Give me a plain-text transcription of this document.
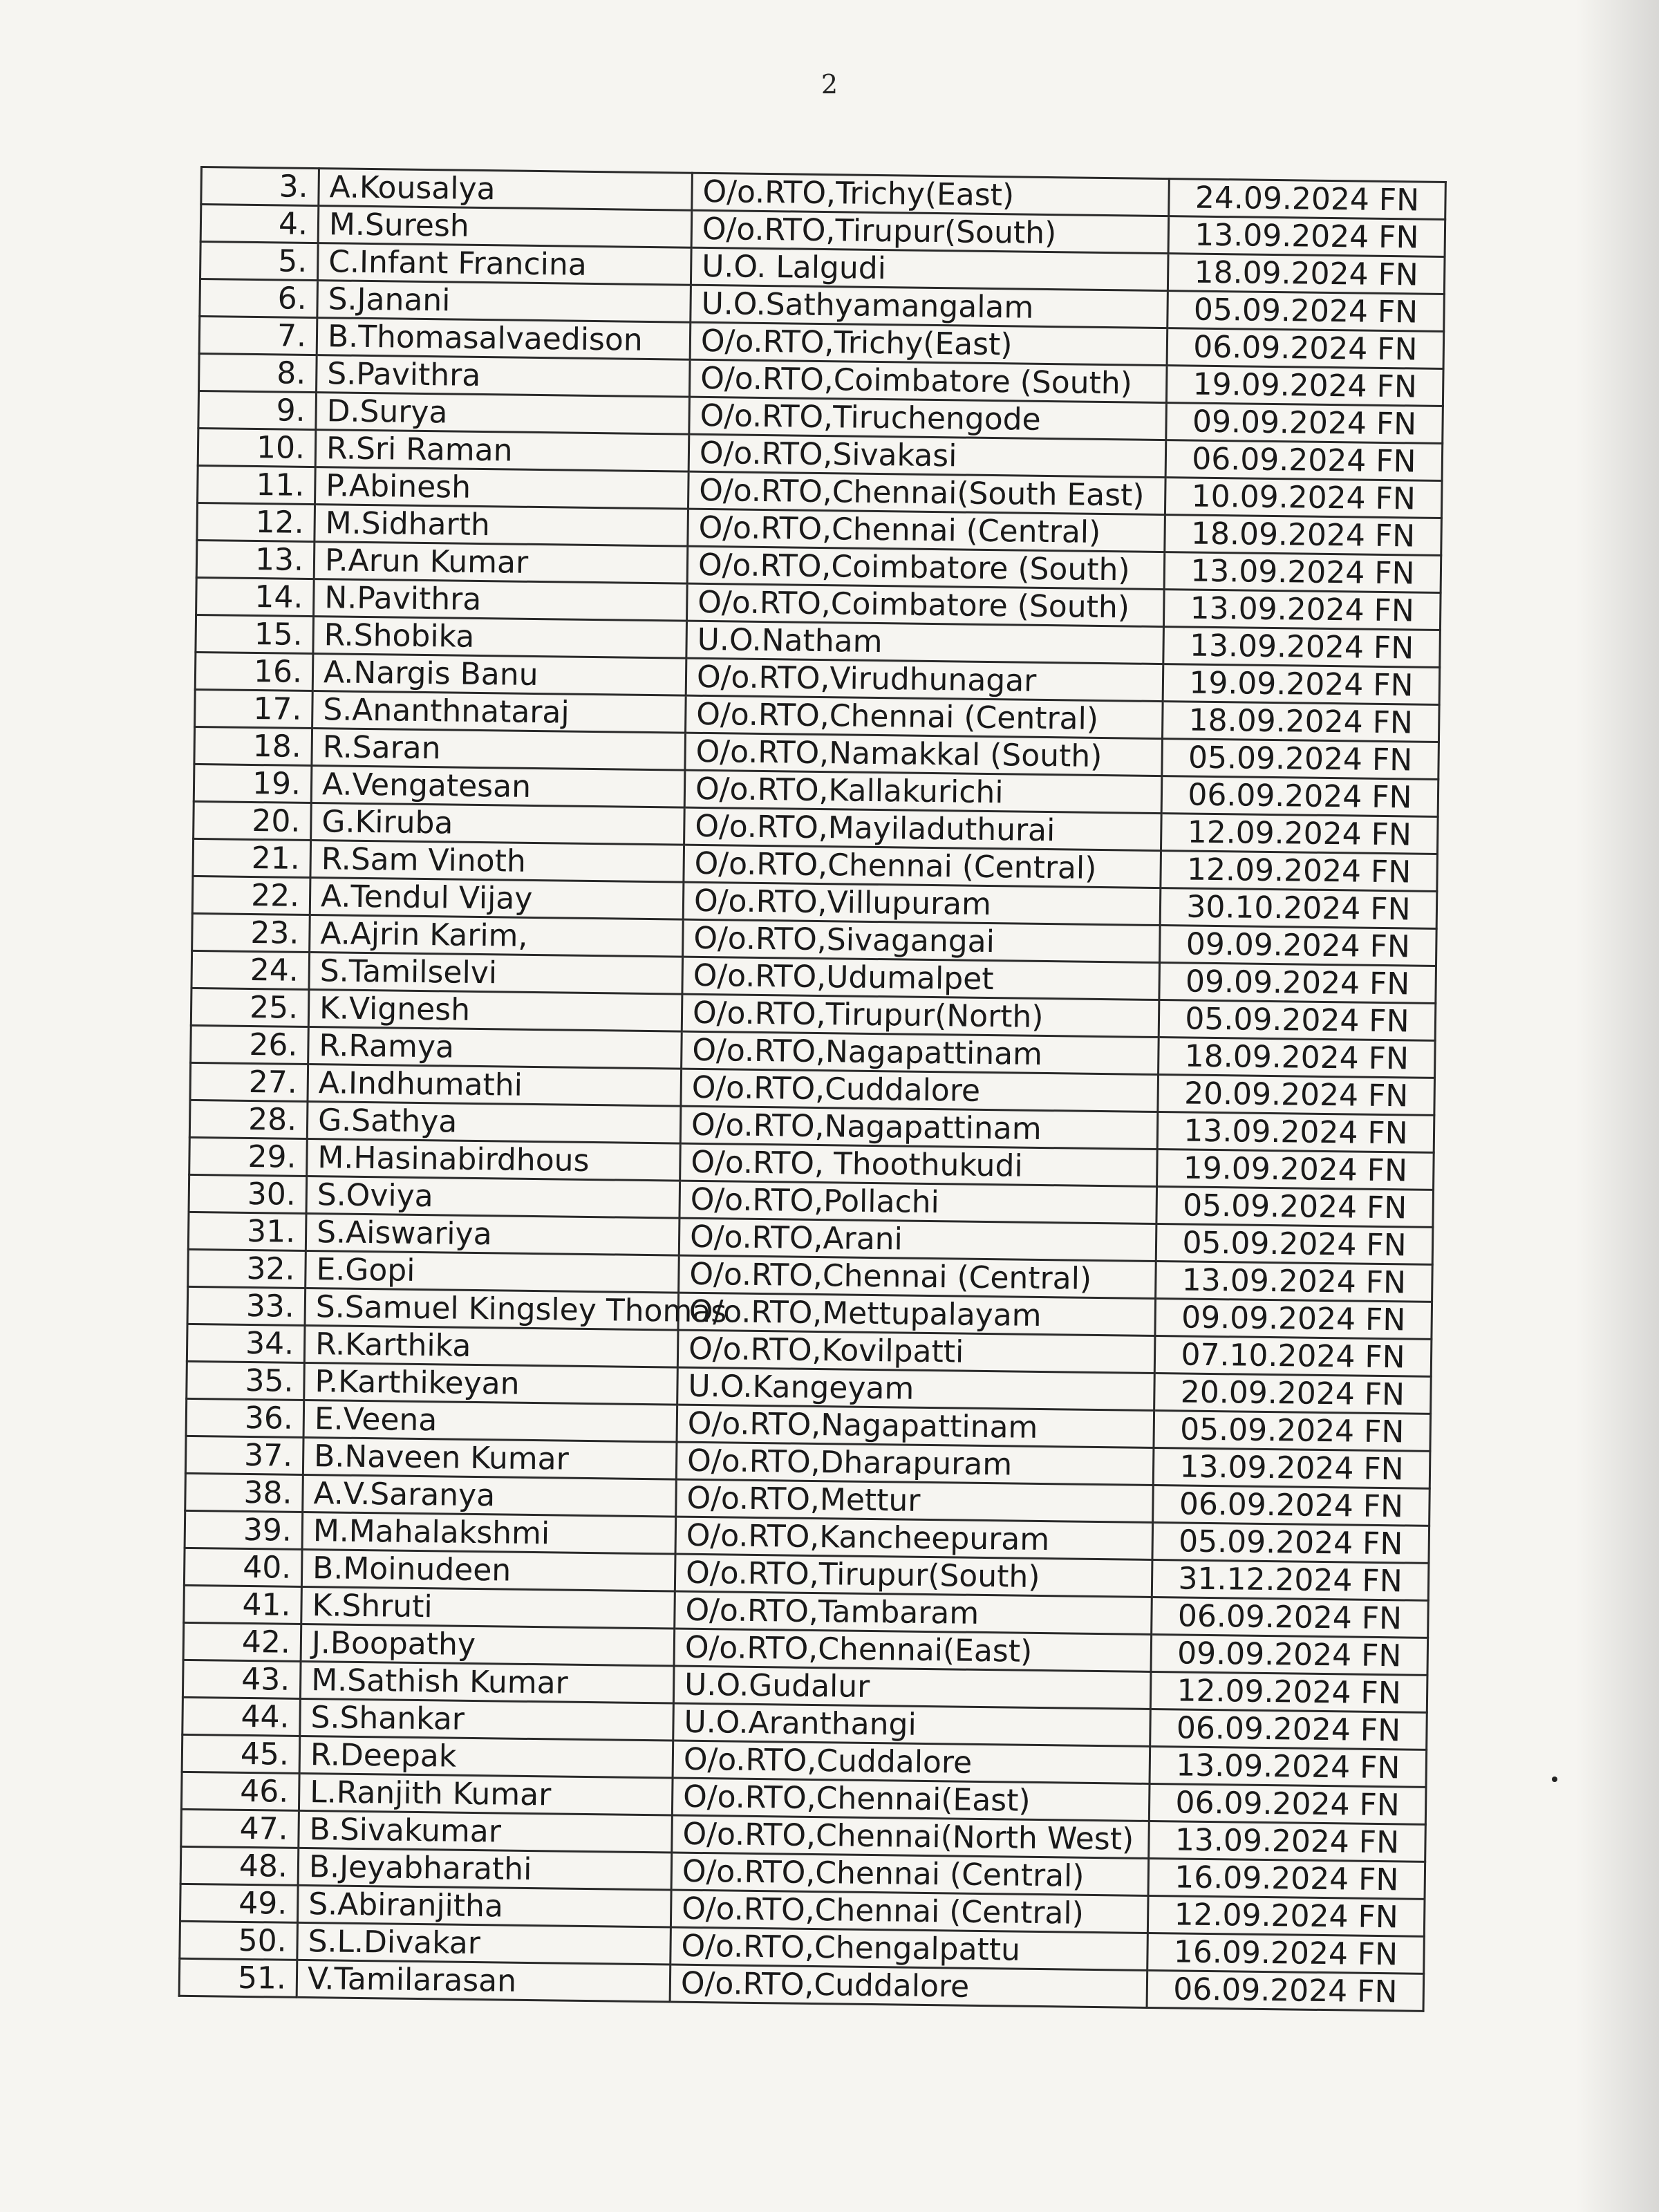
2
3.	A.Kousalya	O/o.RTO,Trichy(East)	24.09.2024 FN
4.	M.Suresh	O/o.RTO,Tirupur(South)	13.09.2024 FN
5.	C.Infant Francina	U.O. Lalgudi	18.09.2024 FN
6.	S.Janani	U.O.Sathyamangalam	05.09.2024 FN
7.	B.Thomasalvaedison	O/o.RTO,Trichy(East)	06.09.2024 FN
8.	S.Pavithra	O/o.RTO,Coimbatore (South)	19.09.2024 FN
9.	D.Surya	O/o.RTO,Tiruchengode	09.09.2024 FN
10.	R.Sri Raman	O/o.RTO,Sivakasi	06.09.2024 FN
11.	P.Abinesh	O/o.RTO,Chennai(South East)	10.09.2024 FN
12.	M.Sidharth	O/o.RTO,Chennai (Central)	18.09.2024 FN
13.	P.Arun Kumar	O/o.RTO,Coimbatore (South)	13.09.2024 FN
14.	N.Pavithra	O/o.RTO,Coimbatore (South)	13.09.2024 FN
15.	R.Shobika	U.O.Natham	13.09.2024 FN
16.	A.Nargis Banu	O/o.RTO,Virudhunagar	19.09.2024 FN
17.	S.Ananthnataraj	O/o.RTO,Chennai (Central)	18.09.2024 FN
18.	R.Saran	O/o.RTO,Namakkal (South)	05.09.2024 FN
19.	A.Vengatesan	O/o.RTO,Kallakurichi	06.09.2024 FN
20.	G.Kiruba	O/o.RTO,Mayiladuthurai	12.09.2024 FN
21.	R.Sam Vinoth	O/o.RTO,Chennai (Central)	12.09.2024 FN
22.	A.Tendul Vijay	O/o.RTO,Villupuram	30.10.2024 FN
23.	A.Ajrin Karim,	O/o.RTO,Sivagangai	09.09.2024 FN
24.	S.Tamilselvi	O/o.RTO,Udumalpet	09.09.2024 FN
25.	K.Vignesh	O/o.RTO,Tirupur(North)	05.09.2024 FN
26.	R.Ramya	O/o.RTO,Nagapattinam	18.09.2024 FN
27.	A.Indhumathi	O/o.RTO,Cuddalore	20.09.2024 FN
28.	G.Sathya	O/o.RTO,Nagapattinam	13.09.2024 FN
29.	M.Hasinabirdhous	O/o.RTO, Thoothukudi	19.09.2024 FN
30.	S.Oviya	O/o.RTO,Pollachi	05.09.2024 FN
31.	S.Aiswariya	O/o.RTO,Arani	05.09.2024 FN
32.	E.Gopi	O/o.RTO,Chennai (Central)	13.09.2024 FN
33.	S.Samuel Kingsley Thomas	O/o.RTO,Mettupalayam	09.09.2024 FN
34.	R.Karthika	O/o.RTO,Kovilpatti	07.10.2024 FN
35.	P.Karthikeyan	U.O.Kangeyam	20.09.2024 FN
36.	E.Veena	O/o.RTO,Nagapattinam	05.09.2024 FN
37.	B.Naveen Kumar	O/o.RTO,Dharapuram	13.09.2024 FN
38.	A.V.Saranya	O/o.RTO,Mettur	06.09.2024 FN
39.	M.Mahalakshmi	O/o.RTO,Kancheepuram	05.09.2024 FN
40.	B.Moinudeen	O/o.RTO,Tirupur(South)	31.12.2024 FN
41.	K.Shruti	O/o.RTO,Tambaram	06.09.2024 FN
42.	J.Boopathy	O/o.RTO,Chennai(East)	09.09.2024 FN
43.	M.Sathish Kumar	U.O.Gudalur	12.09.2024 FN
44.	S.Shankar	U.O.Aranthangi	06.09.2024 FN
45.	R.Deepak	O/o.RTO,Cuddalore	13.09.2024 FN
46.	L.Ranjith Kumar	O/o.RTO,Chennai(East)	06.09.2024 FN
47.	B.Sivakumar	O/o.RTO,Chennai(North West)	13.09.2024 FN
48.	B.Jeyabharathi	O/o.RTO,Chennai (Central)	16.09.2024 FN
49.	S.Abiranjitha	O/o.RTO,Chennai (Central)	12.09.2024 FN
50.	S.L.Divakar	O/o.RTO,Chengalpattu	16.09.2024 FN
51.	V.Tamilarasan	O/o.RTO,Cuddalore	06.09.2024 FN
